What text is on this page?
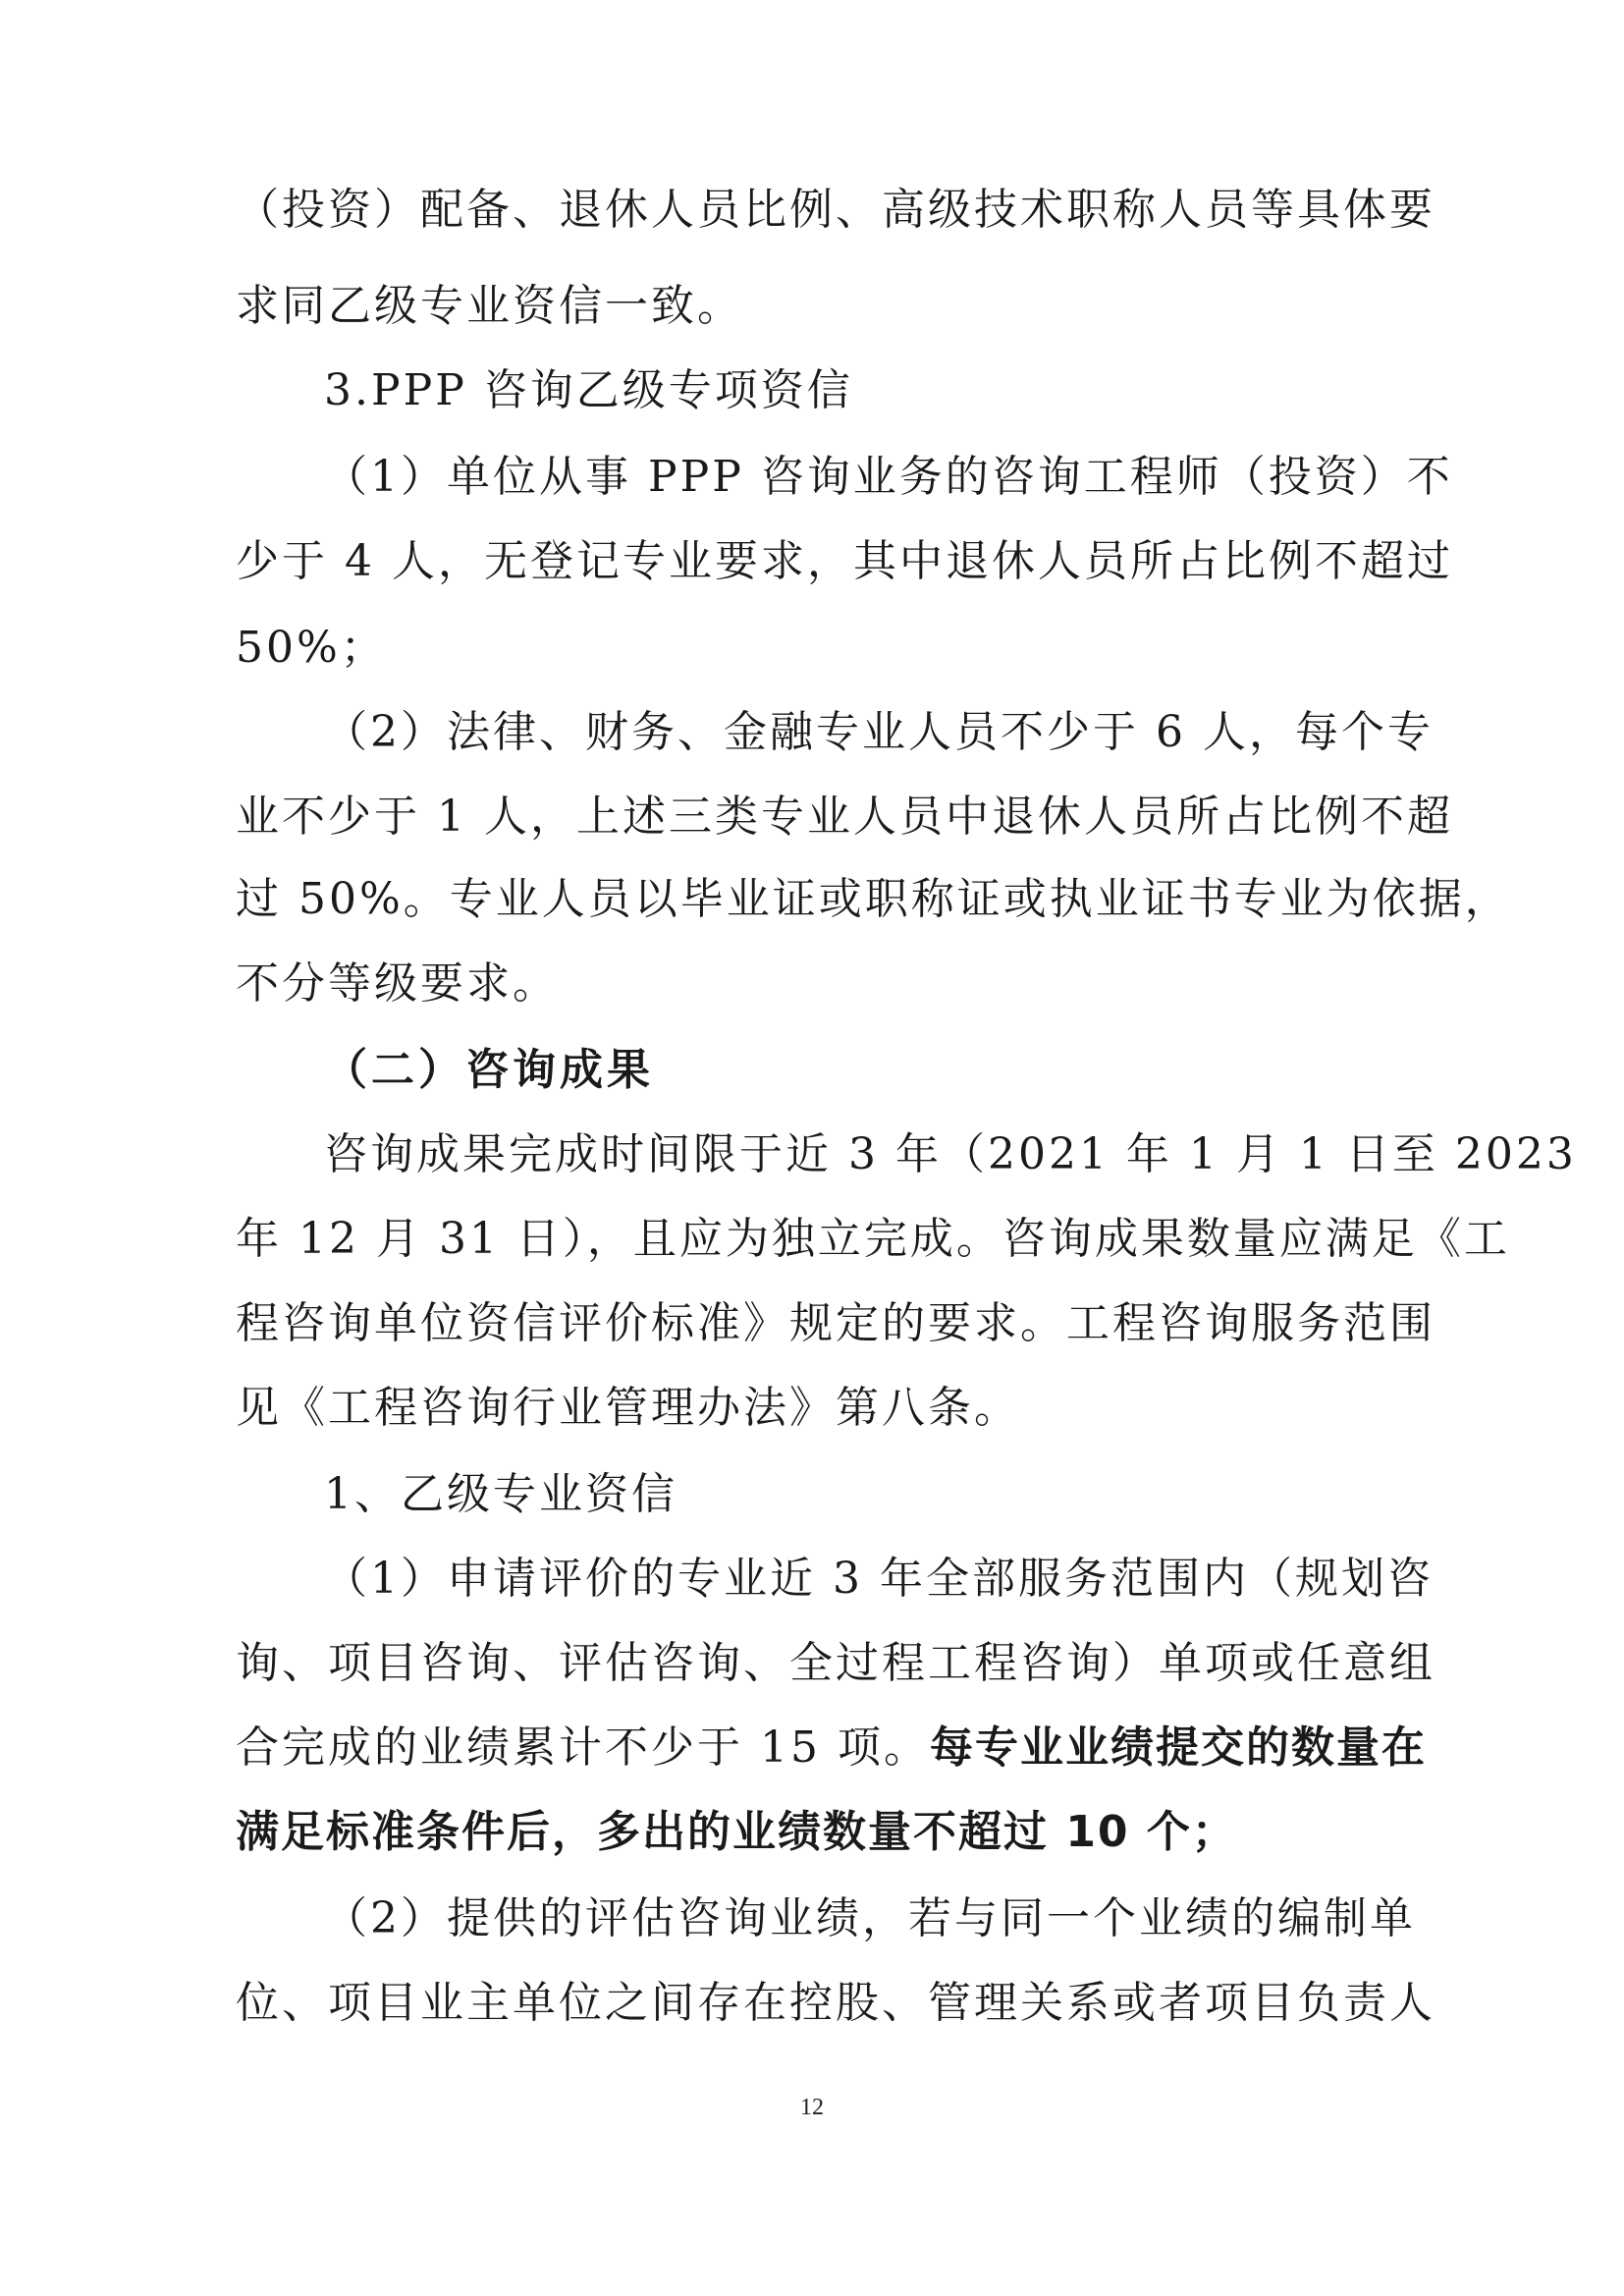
（投资）配备、退休人员比例、高级技术职称人员等具体要
求同乙级专业资信一致。
3.PPP 咨询乙级专项资信
（1）单位从事 PPP 咨询业务的咨询工程师（投资）不
少于 4 人，无登记专业要求，其中退休人员所占比例不超过
50%；
（2）法律、财务、金融专业人员不少于 6 人，每个专
业不少于 1 人，上述三类专业人员中退休人员所占比例不超
过 50%。专业人员以毕业证或职称证或执业证书专业为依据，
不分等级要求。
（二）咨询成果
咨询成果完成时间限于近 3 年（2021 年 1 月 1 日至 2023
年 12 月 31 日），且应为独立完成。咨询成果数量应满足《工
程咨询单位资信评价标准》规定的要求。工程咨询服务范围
见《工程咨询行业管理办法》第八条。
1、乙级专业资信
（1）申请评价的专业近 3 年全部服务范围内（规划咨
询、项目咨询、评估咨询、全过程工程咨询）单项或任意组
合完成的业绩累计不少于 15 项。每专业业绩提交的数量在
满足标准条件后，多出的业绩数量不超过 10 个；
（2）提供的评估咨询业绩，若与同一个业绩的编制单
位、项目业主单位之间存在控股、管理关系或者项目负责人
12
